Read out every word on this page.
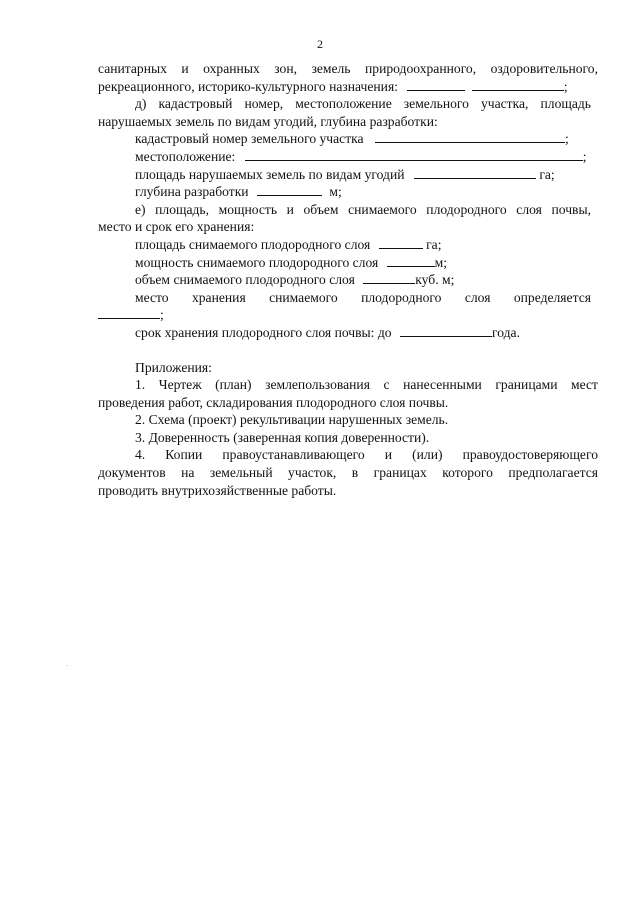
2
санитарных и охранных зон, земель природоохранного, оздоровительного,
рекреационного, историко-культурного назначения:	;
д) кадастровый номер, местоположение земельного участка, площадь
нарушаемых земель по видам угодий, глубина разработки:
кадастровый номер земельного участка	;
местоположение:	;
площадь нарушаемых земель по видам угодий	га;
глубина разработки	м;
е) площадь, мощность и объем снимаемого плодородного слоя почвы,
место и срок его хранения:
площадь снимаемого плодородного слоя	га;
мощность снимаемого плодородного слоя	м;
объем снимаемого плодородного слоя	куб. м;
место хранения снимаемого плодородного слоя определяется
;
срок хранения плодородного слоя почвы: до	года.
Приложения:
1. Чертеж (план) землепользования с нанесенными границами мест
проведения работ, складирования плодородного слоя почвы.
2. Схема (проект) рекультивации нарушенных земель.
3. Доверенность (заверенная копия доверенности).
4. Копии правоустанавливающего и (или) правоудостоверяющего
документов на земельный участок, в границах которого предполагается
проводить внутрихозяйственные работы.
